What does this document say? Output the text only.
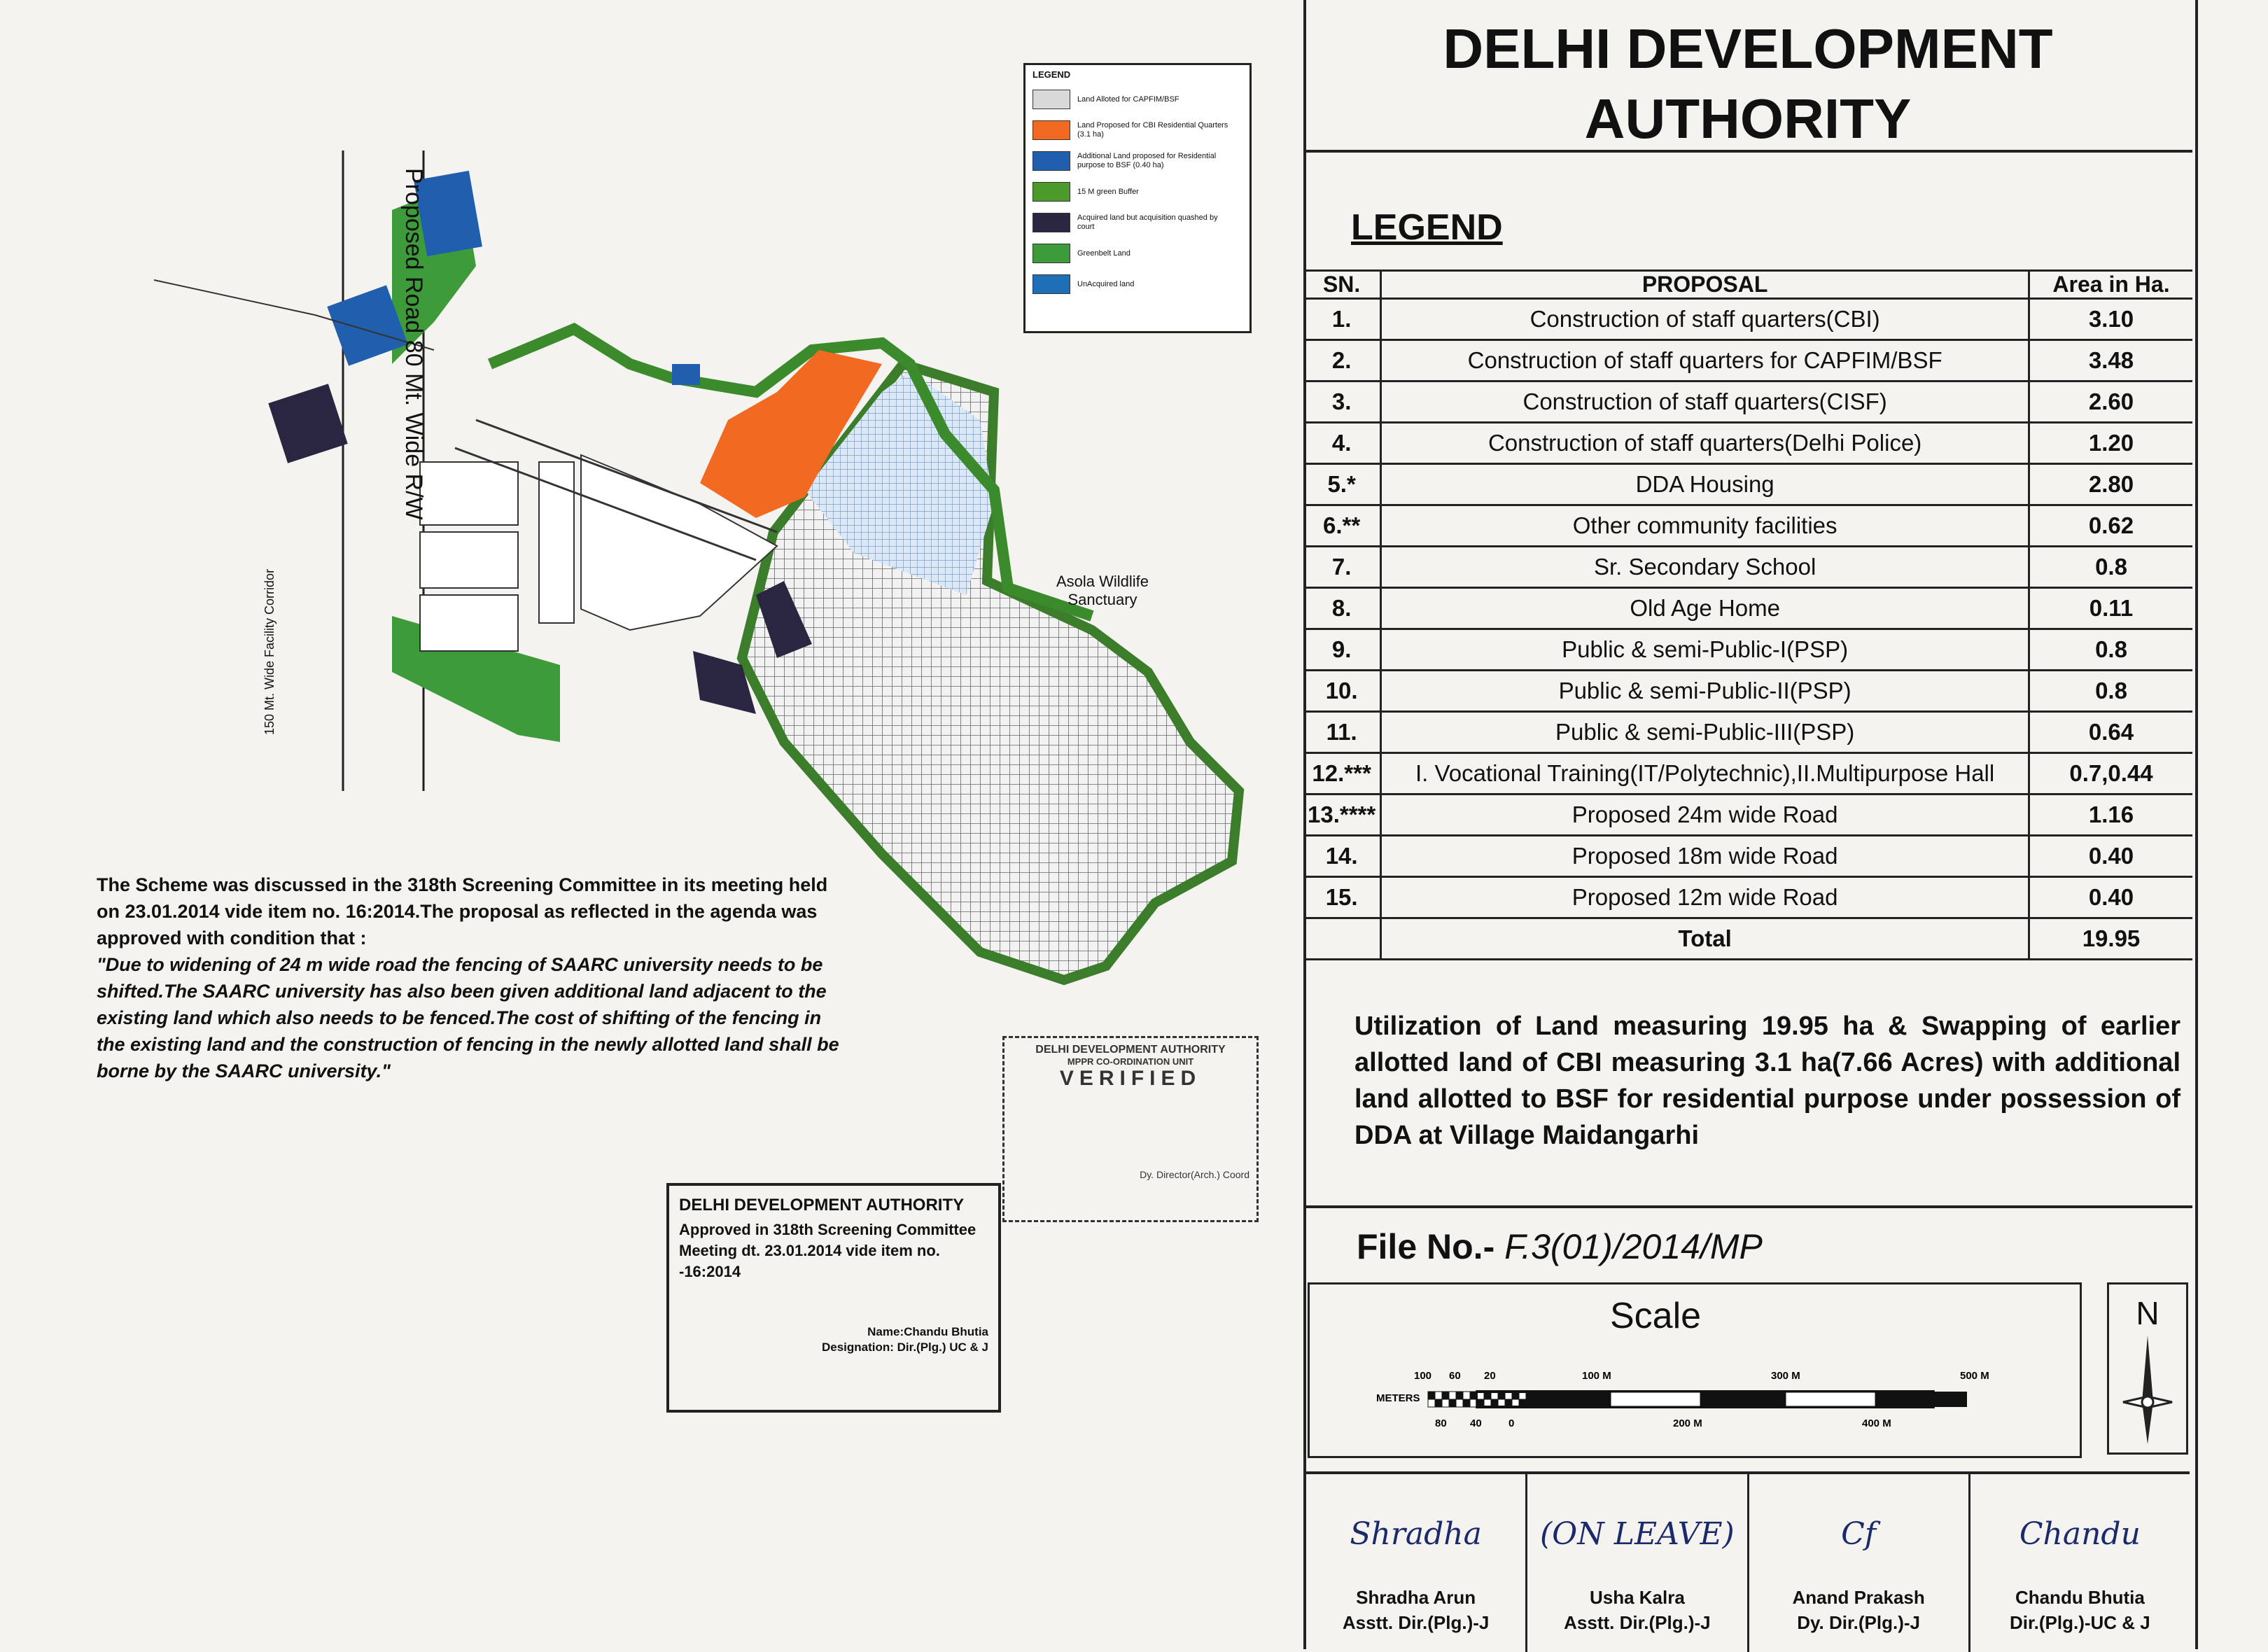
Proposed Road 80 Mt. Wide R/W
150 Mt. Wide Facility Corridor	Asola Wildlife Sanctuary
LEGEND
Land Alloted for CAPFIM/BSF
Land Proposed for CBI Residential Quarters (3.1 ha)
Additional Land proposed for Residential purpose to BSF (0.40 ha)
15 M green Buffer
Acquired land but acquisition quashed by court
Greenbelt Land
UnAcquired land
The Scheme was discussed in the 318th Screening Committee in its meeting held on 23.01.2014 vide item no. 16:2014.The proposal as reflected in the agenda was approved with condition that :
"Due to widening of 24 m wide road the fencing of SAARC university needs to be shifted.The SAARC university has also been given additional land adjacent to the existing land which also needs to be fenced.The cost of shifting of the fencing in the existing land and the construction of fencing in the newly allotted land shall be borne by the SAARC university."
DELHI DEVELOPMENT AUTHORITY
MPPR CO-ORDINATION UNIT
VERIFIED
Dy. Director(Arch.) Coord
DELHI DEVELOPMENT AUTHORITY
Approved in 318th Screening Committee Meeting dt. 23.01.2014 vide item no. -16:2014
Name:Chandu Bhutia
Designation: Dir.(Plg.) UC & J
DELHI DEVELOPMENT
AUTHORITY
LEGEND
SN.	PROPOSAL	Area in Ha.
1.	Construction of staff quarters(CBI)	3.10
2.	Construction of staff quarters for CAPFIM/BSF	3.48
3.	Construction of staff quarters(CISF)	2.60
4.	Construction of staff quarters(Delhi Police)	1.20
5.*	DDA Housing	2.80
6.**	Other community facilities	0.62
7.	Sr. Secondary School	0.8
8.	Old Age Home	0.11
9.	Public & semi-Public-I(PSP)	0.8
10.	Public & semi-Public-II(PSP)	0.8
11.	Public & semi-Public-III(PSP)	0.64
12.***	I. Vocational Training(IT/Polytechnic),II.Multipurpose Hall	0.7,0.44
13.****	Proposed 24m wide Road	1.16
14.	Proposed 18m wide Road	0.40
15.	Proposed 12m wide Road	0.40
	Total	19.95
Utilization of Land measuring 19.95 ha & Swapping of earlier allotted land of CBI measuring 3.1 ha(7.66 Acres) with additional land allotted to BSF for residential purpose under possession of DDA at Village Maidangarhi
File No.- F.3(01)/2014/MP
Scale
METERS
100 60 20	100 M	300 M	500 M
80 40	0	200 M	400 M
N
Shradha
Shradha Arun
Asstt. Dir.(Plg.)-J
(ON LEAVE)
Usha Kalra
Asstt. Dir.(Plg.)-J
Cf
Anand Prakash
Dy. Dir.(Plg.)-J
Chandu
Chandu Bhutia
Dir.(Plg.)-UC & J
